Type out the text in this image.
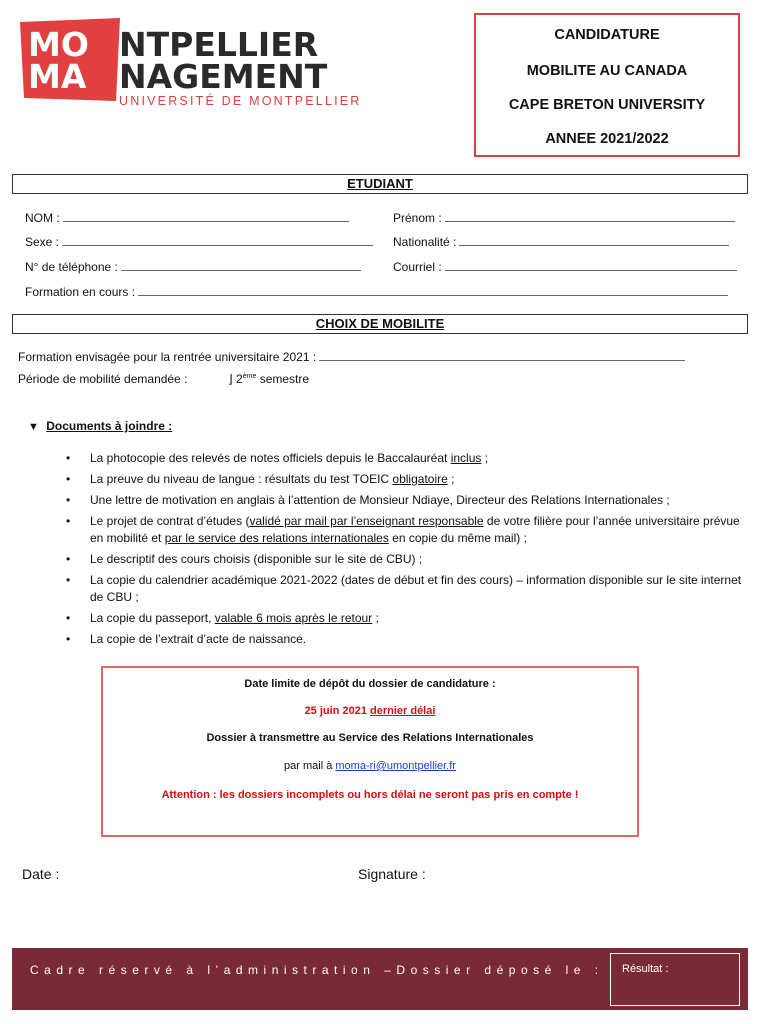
MO NTPELLIER
MA NAGEMENT
UNIVERSITÉ DE MONTPELLIER
CANDIDATURE
MOBILITE AU CANADA
CAPE BRETON UNIVERSITY
ANNEE 2021/2022
ETUDIANT
NOM :	Prénom :
Sexe :	Nationalité :
N° de téléphone :	Courriel :
Formation en cours :
CHOIX DE MOBILITE
Formation envisagée pour la rentrée universitaire 2021 :
Période de mobilité demandée :	⌋ 2ème semestre
▼ Documents à joindre :
• La photocopie des relevés de notes officiels depuis le Baccalauréat inclus ;
• La preuve du niveau de langue : résultats du test TOEIC obligatoire ;
• Une lettre de motivation en anglais à l’attention de Monsieur Ndiaye, Directeur des Relations Internationales ;
• Le projet de contrat d’études (validé par mail par l’enseignant responsable de votre filière pour l’année universitaire prévue en mobilité et par le service des relations internationales en copie du même mail) ;
• Le descriptif des cours choisis (disponible sur le site de CBU) ;
• La copie du calendrier académique 2021-2022 (dates de début et fin des cours) – information disponible sur le site internet de CBU ;
• La copie du passeport, valable 6 mois après le retour ;
• La copie de l’extrait d’acte de naissance.
Date limite de dépôt du dossier de candidature :
25 juin 2021 dernier délai
Dossier à transmettre au Service des Relations Internationales
par mail à moma-ri@umontpellier.fr
Attention : les dossiers incomplets ou hors délai ne seront pas pris en compte !
Date :	Signature :
Cadre réservé à l’administration –Dossier déposé le : Résultat :
